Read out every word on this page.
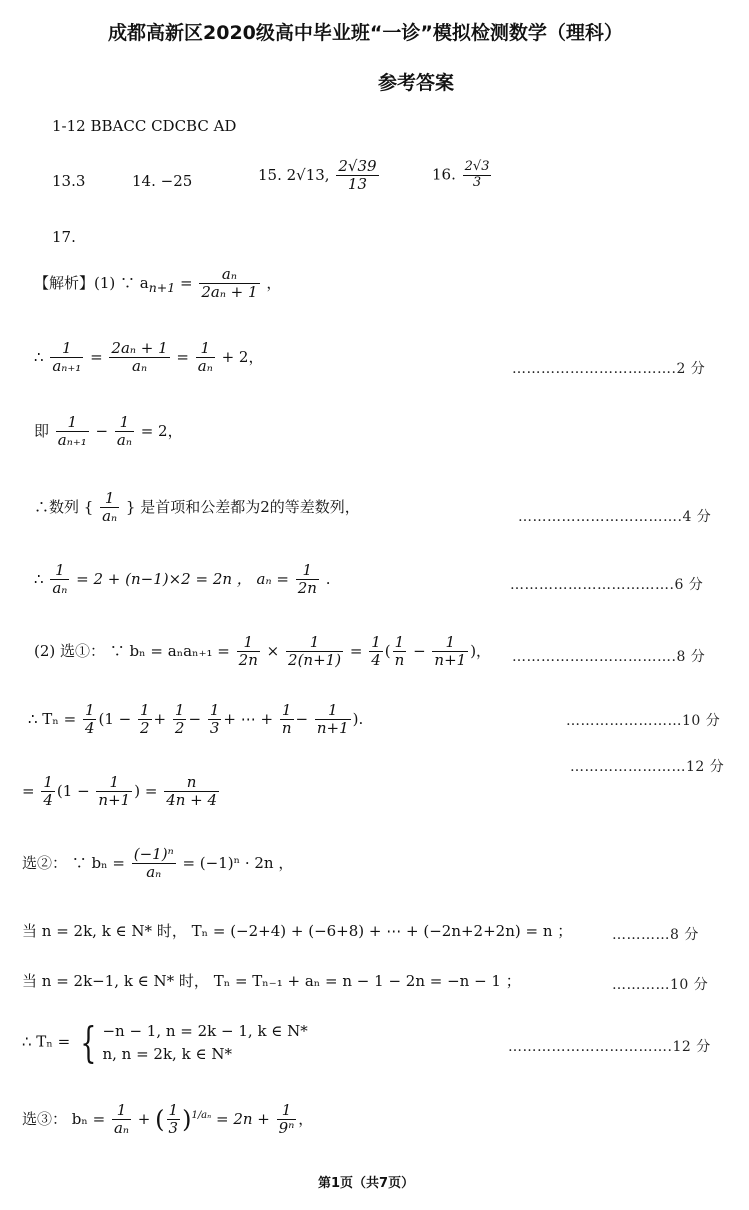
成都高新区2020级高中毕业班“一诊”模拟检测数学（理科）
参考答案
1-12 BBACC CDCBC AD
13.3	14. −25	15. 2√13, $\frac{2√39}{13}$	16. $\frac{2√3}{3}$
17.
【解析】(1) ∵ $a_{n+1} = \frac{\text{aₙ}}{\text{2aₙ + 1}}$ ，
∴ $\frac{1}{\text{aₙ₊₁}} = \frac{\text{2aₙ + 1}}{\text{aₙ}} = \frac{1}{\text{aₙ}} + 2$，
…………………………….2 分
即 $\frac{1}{\text{aₙ₊₁}} - \frac{1}{\text{aₙ}} = 2$，
∴数列 { $\frac{1}{\text{aₙ}}$ } 是首项和公差都为2的等差数列，
…………………………….4 分
∴ $\frac{1}{\text{aₙ}} = 2 + (n-1)\times 2 = 2n$ ， $a_n = \frac{1}{2n}$ .	…………………………….6 分
(2) 选①： ∵ $b_n = a_na_{n+1} = \frac{1}{2n} \times \frac{1}{2(n+1)} = \frac{1}{4}$ ( $\frac{1}{n} - \frac{1}{n+1}$ )， …………………………….8 分
∴ $T_n = \frac{1}{4} (1 - \frac{1}{2} + \frac{1}{2} - \frac{1}{3}$ + ⋯ + $\frac{1}{n} - \frac{1}{n+1}$ ).	……………………10 分
……………………12 分
= $\frac{1}{4} (1 - \frac{1}{n+1}$ ) = $\frac{n}{4n + 4}$
选②： ∵ $b_n = \frac{\text{(−1)ⁿ}}{\text{aₙ}} = (-1)^n \cdot 2n$ ，
当 n = 2k, k ∈ N* 时， Tₙ = (−2+4) + (−6+8) + ⋯ + (−2n+2+2n) = n ；	…………8 分
当 n = 2k−1, k ∈ N* 时， Tₙ = Tₙ₋₁ + aₙ = n − 1 − 2n = −n − 1 ；	…………10 分
∴ Tₙ = { −n − 1, n = 2k − 1, k ∈ N*
n, n = 2k, k ∈ N*	…………………………….12 分
选③： $b_n = \frac{1}{\text{aₙ}}$ + ( $\frac{1}{3} )^{1/a_n} = 2n + \frac{1}{\text{9ⁿ}}$ ，
第1页（共7页）
